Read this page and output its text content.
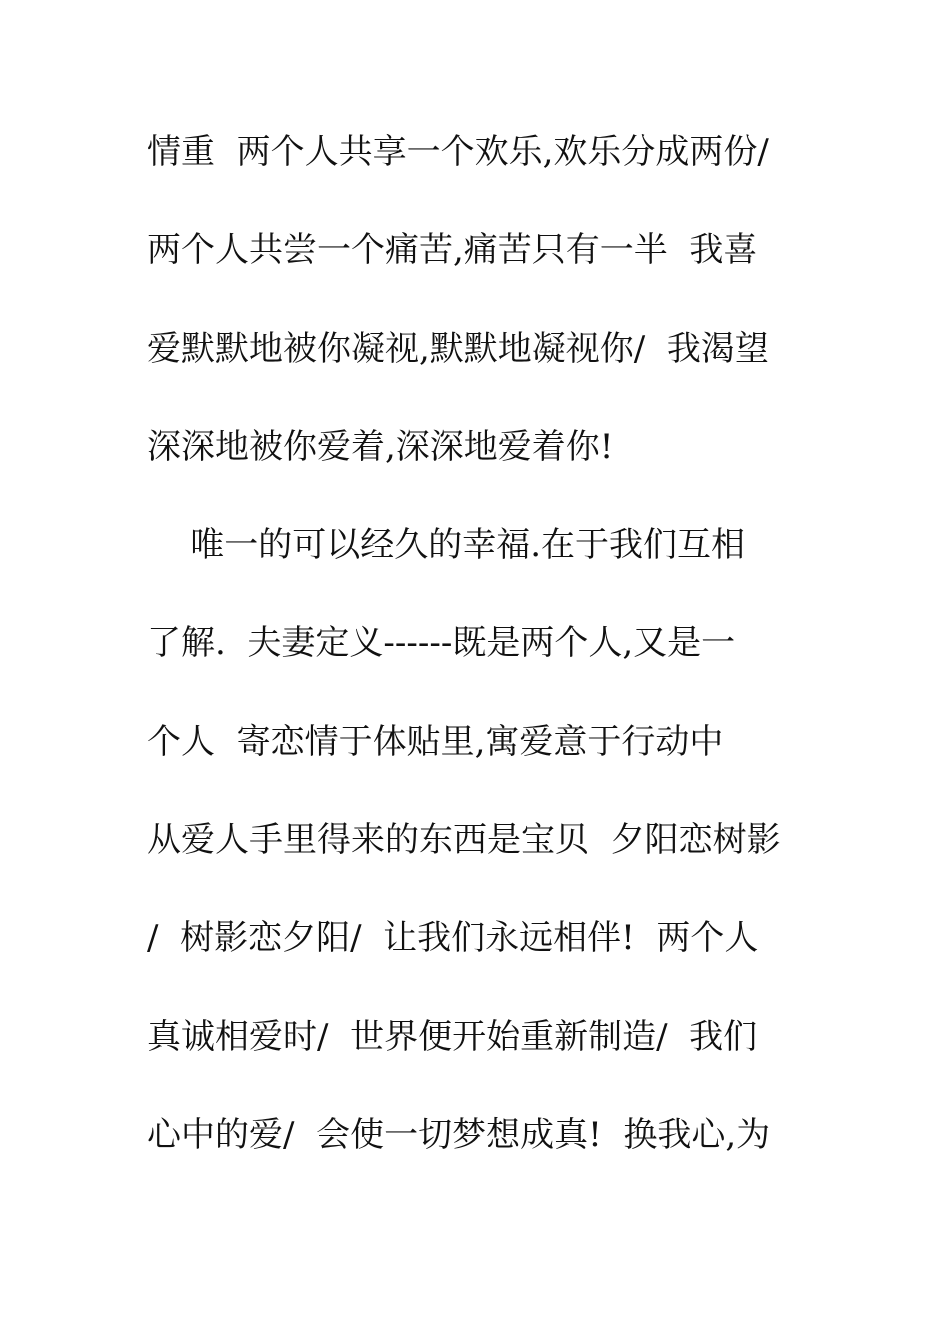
情重  两个人共享一个欢乐,欢乐分成两份/
两个人共尝一个痛苦,痛苦只有一半  我喜
爱默默地被你凝视,默默地凝视你/  我渴望
深深地被你爱着,深深地爱着你!
唯一的可以经久的幸福.在于我们互相
了解.  夫妻定义------既是两个人,又是一
个人  寄恋情于体贴里,寓爱意于行动中
从爱人手里得来的东西是宝贝  夕阳恋树影
/  树影恋夕阳/  让我们永远相伴!  两个人
真诚相爱时/  世界便开始重新制造/  我们
心中的爱/  会使一切梦想成真!  换我心,为
